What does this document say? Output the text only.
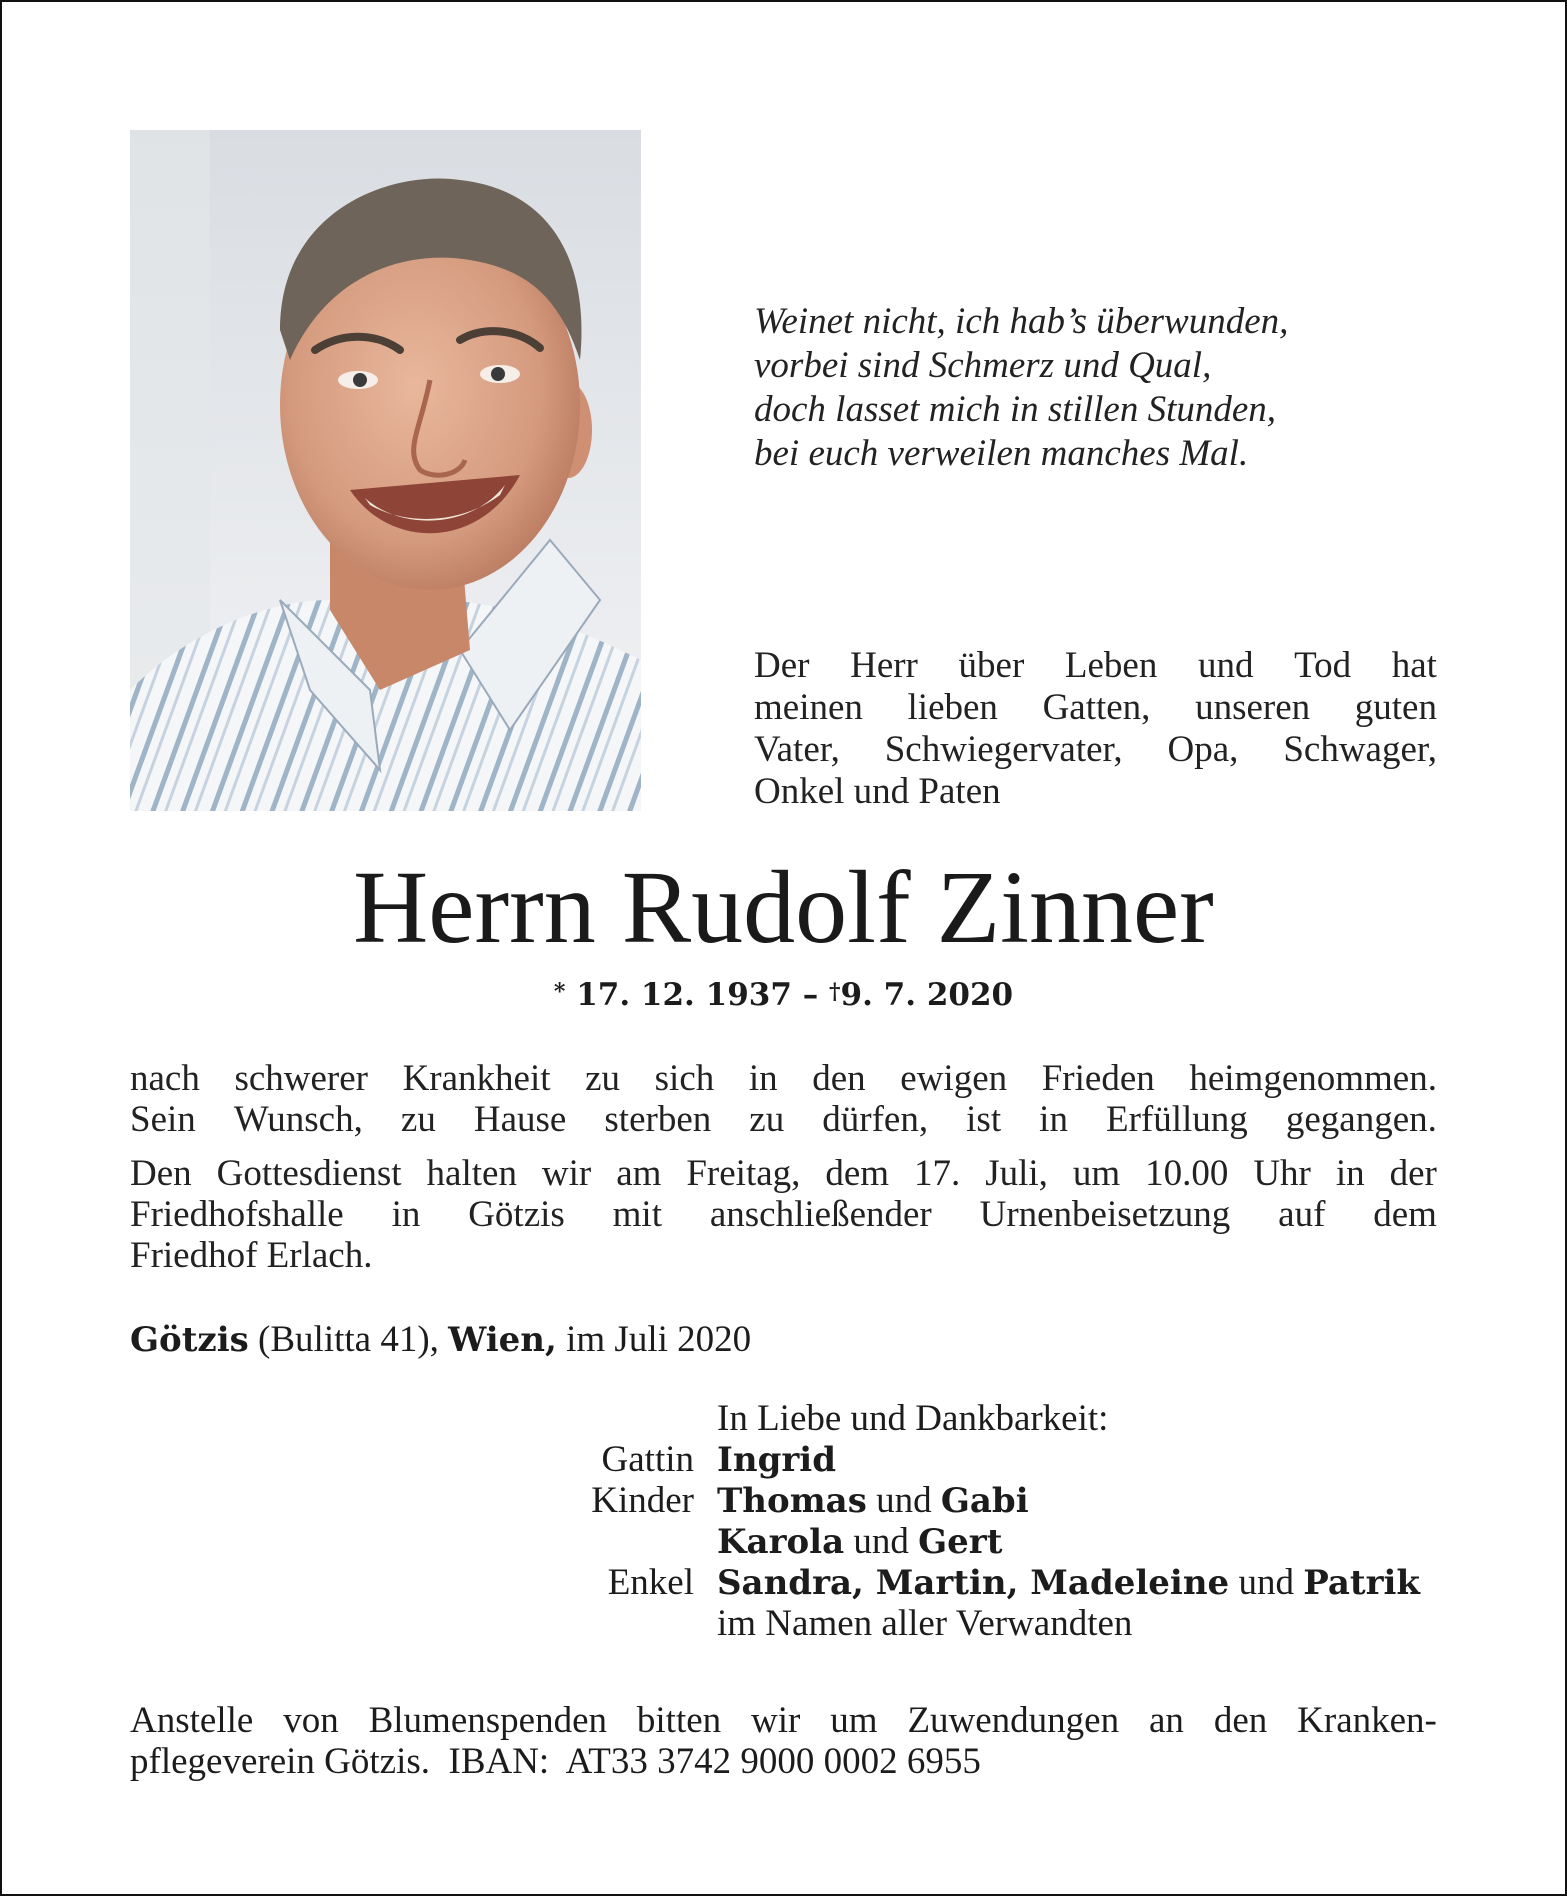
Weinet nicht, ich hab’s überwunden,
vorbei sind Schmerz und Qual,
doch lasset mich in stillen Stunden,
bei euch verweilen manches Mal.
Der Herr über Leben und Tod hat
meinen lieben Gatten, unseren guten
Vater, Schwiegervater, Opa, Schwager,
Onkel und Paten
Herrn Rudolf Zinner
* 17. 12. 1937 – †9. 7. 2020
nach schwerer Krankheit zu sich in den ewigen Frieden heimgenommen.
Sein Wunsch, zu Hause sterben zu dürfen, ist in Erfüllung gegangen.
Den Gottesdienst halten wir am Freitag, dem 17. Juli, um 10.00 Uhr in der
Friedhofshalle in Götzis mit anschließender Urnenbeisetzung auf dem
Friedhof Erlach.
Götzis (Bulitta 41), Wien, im Juli 2020
In Liebe und Dankbarkeit:
Gattin Ingrid
Kinder Thomas und Gabi
Karola und Gert
Enkel Sandra, Martin, Madeleine und Patrik
im Namen aller Verwandten
Anstelle von Blumenspenden bitten wir um Zuwendungen an den Kranken-
pflegeverein Götzis.  IBAN:  AT33 3742 9000 0002 6955
